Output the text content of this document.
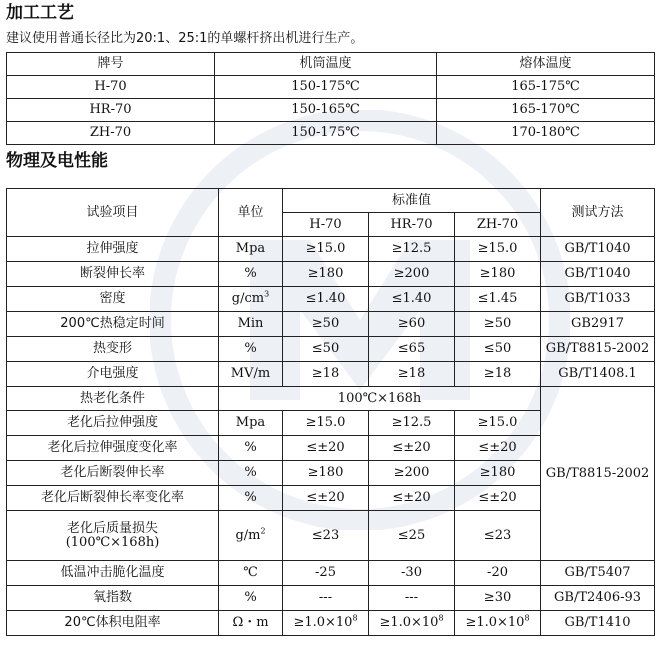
加工工艺
建议使用普通长径比为20:1、25:1的单螺杆挤出机进行生产。
牌号	机筒温度	熔体温度
H-70	150-175℃	165-175℃
HR-70	150-165℃	165-170℃
ZH-70	150-175℃	170-180℃
物理及电性能
试验项目	单位	标准值			测试方法
		H-70	HR-70	ZH-70	
拉伸强度	Mpa	≥15.0	≥12.5	≥15.0	GB/T1040
断裂伸长率	%	≥180	≥200	≥180	GB/T1040
密度	$g/cm^3$	≤1.40	≤1.40	≤1.45	GB/T1033
200℃热稳定时间	Min	≥50	≥60	≥50	GB2917
热变形	%	≤50	≤65	≤50	GB/T8815-2002
介电强度	MV/m	≥18	≥18	≥18	GB/T1408.1
热老化条件	100℃×168h				GB/T8815-2002
老化后拉伸强度	Mpa	≥15.0	≥12.5	≥15.0	
老化后拉伸强度变化率	%	≤±20	≤±20	≤±20	
老化后断裂伸长率	%	≥180	≥200	≥180	
老化后断裂伸长率变化率	%	≤±20	≤±20	≤±20	

老化后质量损失
(100℃×168h)	$g/m^2$	≤23	≤25	≤23	
低温冲击脆化温度	℃	-25	-30	-20	GB/T5407
氧指数	%	---	---	≥30	GB/T2406-93
20℃体积电阻率	Ω・m	$\ge 1.0\times 10^8$	$\ge 1.0\times 10^8$	$\ge 1.0\times 10^8$	GB/T1410
